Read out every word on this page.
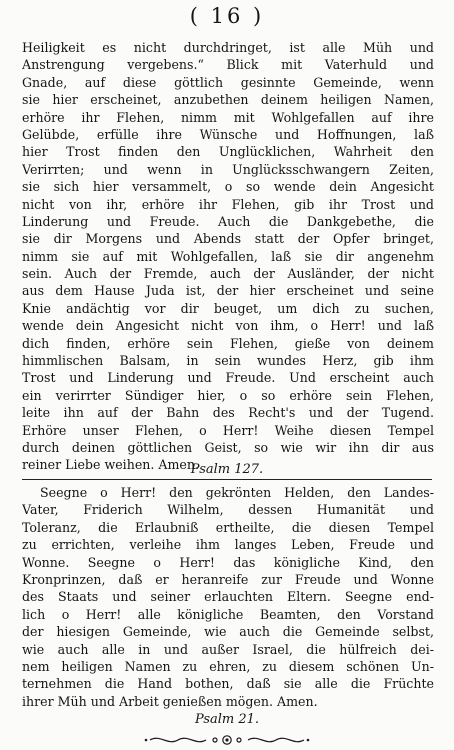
( 16 )
Heiligkeit es nicht durchdringet, ist alle Müh und
Anstrengung vergebens.“ Blick mit Vaterhuld und
Gnade, auf diese göttlich gesinnte Gemeinde, wenn
sie hier erscheinet, anzubethen deinem heiligen Namen,
erhöre ihr Flehen, nimm mit Wohlgefallen auf ihre
Gelübde, erfülle ihre Wünsche und Hoffnungen, laß
hier Trost finden den Unglücklichen, Wahrheit den
Verirrten; und wenn in Unglücksschwangern Zeiten,
sie sich hier versammelt, o so wende dein Angesicht
nicht von ihr, erhöre ihr Flehen, gib ihr Trost und
Linderung und Freude. Auch die Dankgebethe, die
sie dir Morgens und Abends statt der Opfer bringet,
nimm sie auf mit Wohlgefallen, laß sie dir angenehm
sein. Auch der Fremde, auch der Ausländer, der nicht
aus dem Hause Juda ist, der hier erscheinet und seine
Knie andächtig vor dir beuget, um dich zu suchen,
wende dein Angesicht nicht von ihm, o Herr! und laß
dich finden, erhöre sein Flehen, gieße von deinem
himmlischen Balsam, in sein wundes Herz, gib ihm
Trost und Linderung und Freude. Und erscheint auch
ein verirrter Sündiger hier, o so erhöre sein Flehen,
leite ihn auf der Bahn des Recht's und der Tugend.
Erhöre unser Flehen, o Herr! Weihe diesen Tempel
durch deinen göttlichen Geist, so wie wir ihn dir aus
reiner Liebe weihen. Amen.
Psalm 127.
Seegne o Herr! den gekrönten Helden, den Landes-
Vater, Friderich Wilhelm, dessen Humanität und
Toleranz, die Erlaubniß ertheilte, die diesen Tempel
zu errichten, verleihe ihm langes Leben, Freude und
Wonne. Seegne o Herr! das königliche Kind, den
Kronprinzen, daß er heranreife zur Freude und Wonne
des Staats und seiner erlauchten Eltern. Seegne end-
lich o Herr! alle königliche Beamten, den Vorstand
der hiesigen Gemeinde, wie auch die Gemeinde selbst,
wie auch alle in und außer Israel, die hülfreich dei-
nem heiligen Namen zu ehren, zu diesem schönen Un-
ternehmen die Hand bothen, daß sie alle die Früchte
ihrer Müh und Arbeit genießen mögen. Amen.
Psalm 21.
